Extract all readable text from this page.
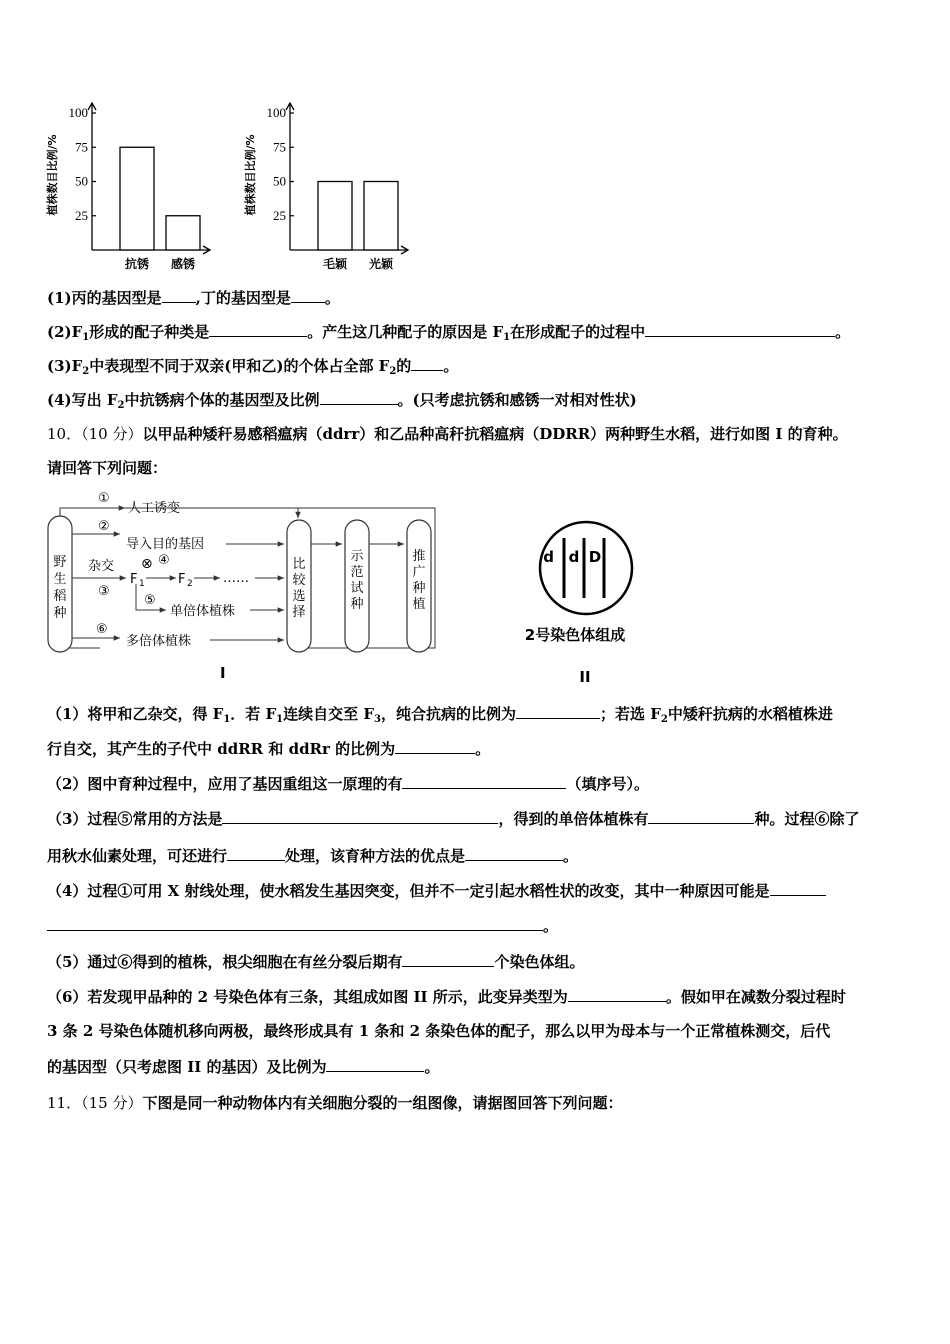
植株数目比例/%
100
75
50
25
抗锈 感锈
植株数目比例/%
100
75
50
25
毛颖 光颖
(1)丙的基因型是 ,丁的基因型是 。
$(2)F_1$形成的配子种类是	。产生这几种配子的原因是 $F_1$在形成配子的过程中	。
$(3)F_2$中表现型不同于双亲(甲和乙)的个体占全部 $F_2$的 。
(4)写出 $F_2$中抗锈病个体的基因型及比例	。(只考虑抗锈和感锈一对相对性状)
10．（10 分）以甲品种矮秆易感稻瘟病（ddrr）和乙品种高秆抗稻瘟病（DDRR）两种野生水稻，进行如图 I 的育种。
请回答下列问题：
野
生
稻
种
①
人工诱变
②
导入目的基因
杂交
F 1
⊗ ④
F 2 ……
③
⑤
单倍体植株
⑥
多倍体植株
比
较
选
择
示
范
试
种
推
广
种
植
I
d d D
2号染色体组成
II
（1）将甲和乙杂交，得 $F_1$．若 $F_1$连续自交至 $F_3$，纯合抗病的比例为	；若选 $F_2$中矮秆抗病的水稻植株进
行自交，其产生的子代中 ddRR 和 ddRr 的比例为	。
（2）图中育种过程中，应用了基因重组这一原理的有	（填序号）。
（3）过程⑤常用的方法是	，得到的单倍体植株有	种。过程⑥除了
用秋水仙素处理，可还进行	处理，该育种方法的优点是	。
（4）过程①可用 X 射线处理，使水稻发生基因突变，但并不一定引起水稻性状的改变，其中一种原因可能是
。
（5）通过⑥得到的植株，根尖细胞在有丝分裂后期有	个染色体组。
（6）若发现甲品种的 2 号染色体有三条，其组成如图 II 所示，此变异类型为	。假如甲在减数分裂过程时
3 条 2 号染色体随机移向两极，最终形成具有 1 条和 2 条染色体的配子，那么以甲为母本与一个正常植株测交，后代
的基因型（只考虑图 II 的基因）及比例为	。
11．（15 分）下图是同一种动物体内有关细胞分裂的一组图像，请据图回答下列问题：
